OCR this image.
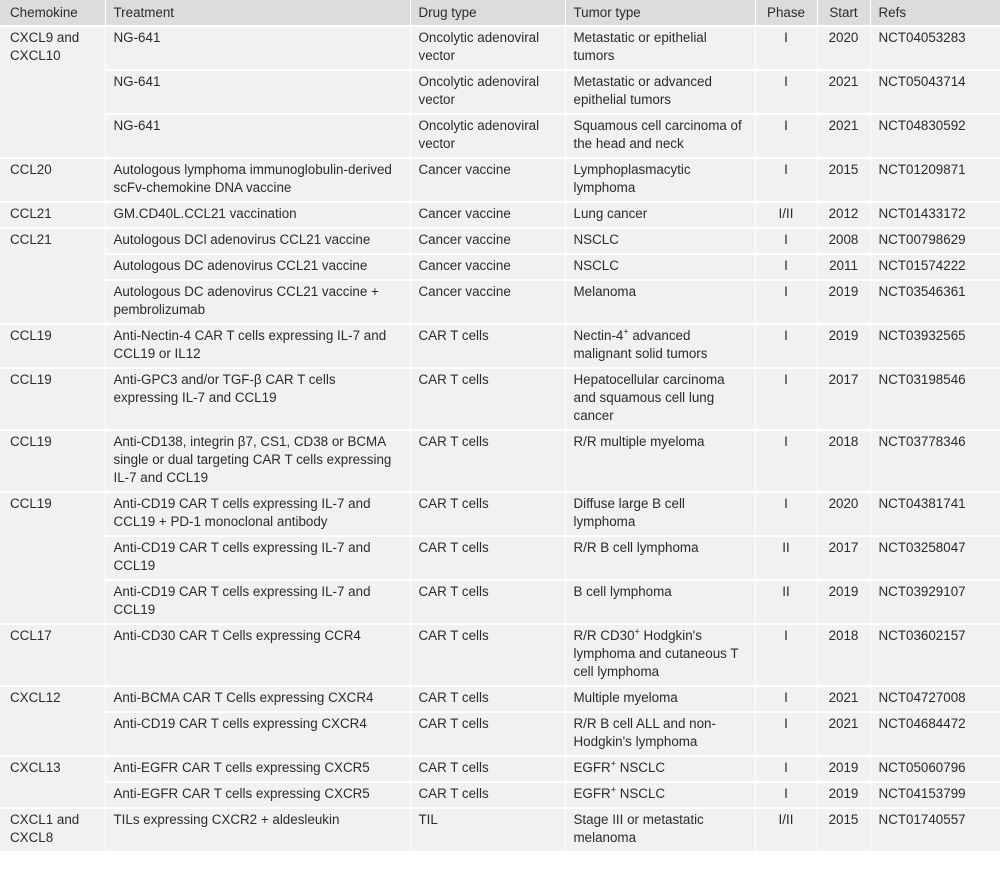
Chemokine	Treatment	Drug type	Tumor type	Phase	Start	Refs
CXCL9 and CXCL10	NG-641	Oncolytic adenoviral vector	Metastatic or epithelial tumors	I	2020	NCT04053283
	NG-641	Oncolytic adenoviral vector	Metastatic or advanced epithelial tumors	I	2021	NCT05043714
	NG-641	Oncolytic adenoviral vector	Squamous cell carcinoma of the head and neck	I	2021	NCT04830592
CCL20	Autologous lymphoma immunoglobulin-derived scFv-chemokine DNA vaccine	Cancer vaccine	Lymphoplasmacytic lymphoma	I	2015	NCT01209871
CCL21	GM.CD40L.CCL21 vaccination	Cancer vaccine	Lung cancer	I/II	2012	NCT01433172
CCL21	Autologous DCl adenovirus CCL21 vaccine	Cancer vaccine	NSCLC	I	2008	NCT00798629
	Autologous DC adenovirus CCL21 vaccine	Cancer vaccine	NSCLC	I	2011	NCT01574222
	Autologous DC adenovirus CCL21 vaccine + pembrolizumab	Cancer vaccine	Melanoma	I	2019	NCT03546361
CCL19	Anti-Nectin-4 CAR T cells expressing IL-7 and CCL19 or IL12	CAR T cells	Nectin-4+ advanced malignant solid tumors	I	2019	NCT03932565
CCL19	Anti-GPC3 and/or TGF-β CAR T cells expressing IL-7 and CCL19	CAR T cells	Hepatocellular carcinoma and squamous cell lung cancer	I	2017	NCT03198546
CCL19	Anti-CD138, integrin β7, CS1, CD38 or BCMA single or dual targeting CAR T cells expressing IL-7 and CCL19	CAR T cells	R/R multiple myeloma	I	2018	NCT03778346
CCL19	Anti-CD19 CAR T cells expressing IL-7 and CCL19 + PD-1 monoclonal antibody	CAR T cells	Diffuse large B cell lymphoma	I	2020	NCT04381741
	Anti-CD19 CAR T cells expressing IL-7 and CCL19	CAR T cells	R/R B cell lymphoma	II	2017	NCT03258047
	Anti-CD19 CAR T cells expressing IL-7 and CCL19	CAR T cells	B cell lymphoma	II	2019	NCT03929107
CCL17	Anti-CD30 CAR T Cells expressing CCR4	CAR T cells	R/R CD30+ Hodgkin's lymphoma and cutaneous T cell lymphoma	I	2018	NCT03602157
CXCL12	Anti-BCMA CAR T Cells expressing CXCR4	CAR T cells	Multiple myeloma	I	2021	NCT04727008
	Anti-CD19 CAR T cells expressing CXCR4	CAR T cells	R/R B cell ALL and non-Hodgkin's lymphoma	I	2021	NCT04684472
CXCL13	Anti-EGFR CAR T cells expressing CXCR5	CAR T cells	EGFR+ NSCLC	I	2019	NCT05060796
	Anti-EGFR CAR T cells expressing CXCR5	CAR T cells	EGFR+ NSCLC	I	2019	NCT04153799
CXCL1 and CXCL8	TILs expressing CXCR2 + aldesleukin	TIL	Stage III or metastatic melanoma	I/II	2015	NCT01740557
